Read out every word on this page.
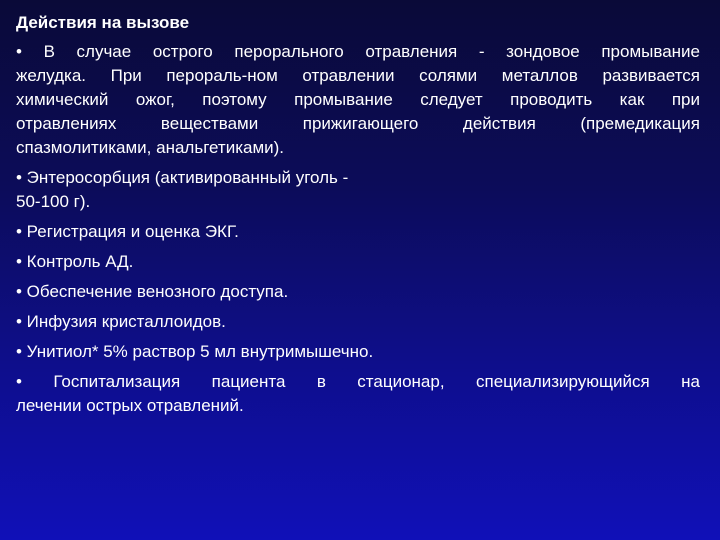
Действия на вызове
• В случае острого перорального отравления - зондовое промывание
желудка. При перораль-ном отравлении солями металлов развивается
химический ожог, поэтому промывание следует проводить как при
отравлениях веществами прижигающего действия (премедикация
спазмолитиками, анальгетиками).
• Энтеросорбция (активированный уголь -
50-100 г).
• Регистрация и оценка ЭКГ.
• Контроль АД.
• Обеспечение венозного доступа.
• Инфузия кристаллоидов.
• Унитиол* 5% раствор 5 мл внутримышечно.
• Госпитализация пациента в стационар, специализирующийся на
лечении острых отравлений.
